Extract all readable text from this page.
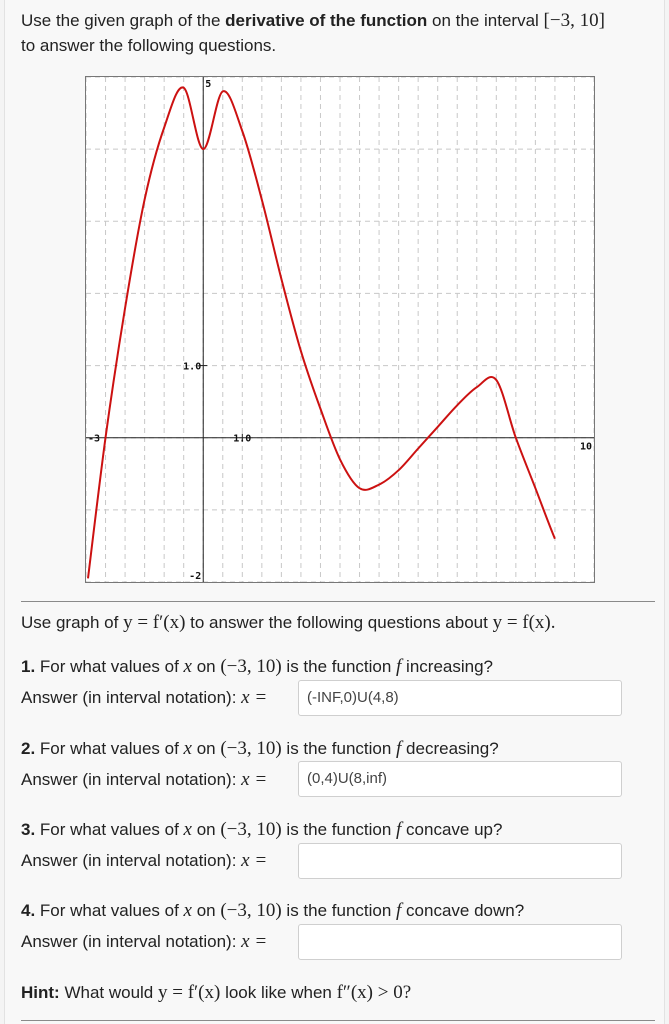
Use the given graph of the derivative of the function on the interval [−3, 10]
to answer the following questions.
5
1.0
1.0
-3
10
-2
Use graph of y = f′(x) to answer the following questions about y = f(x).
1. For what values of x on (−3, 10) is the function f increasing?
Answer (in interval notation): x =	(-INF,0)U(4,8)
2. For what values of x on (−3, 10) is the function f decreasing?
Answer (in interval notation): x =	(0,4)U(8,inf)
3. For what values of x on (−3, 10) is the function f concave up?
Answer (in interval notation): x =
4. For what values of x on (−3, 10) is the function f concave down?
Answer (in interval notation): x =
Hint: What would y = f′(x) look like when f″(x) > 0?
